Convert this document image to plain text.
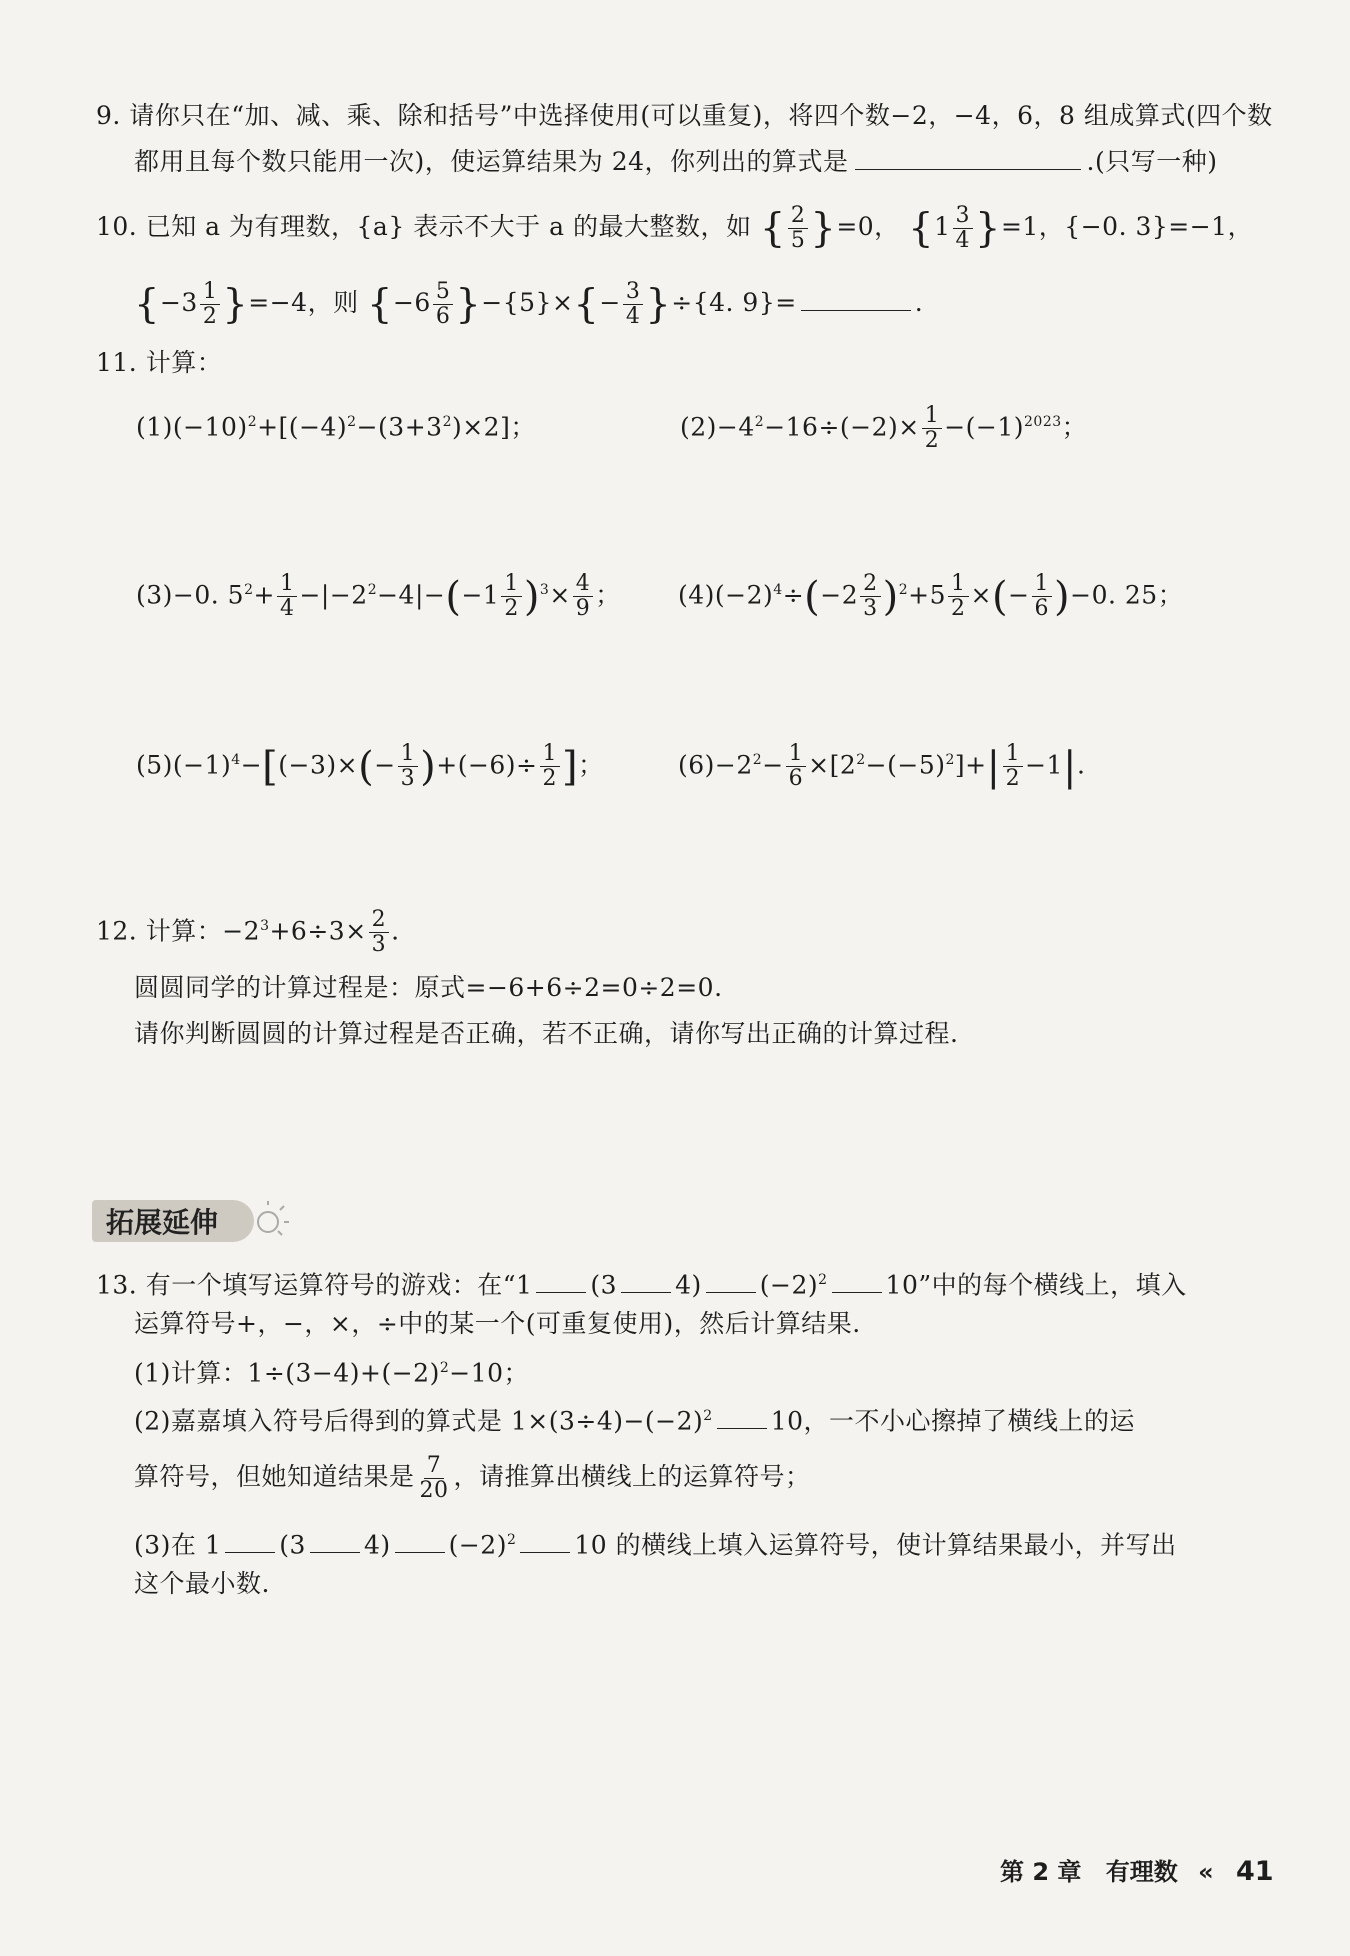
9. 请你只在“加、减、乘、除和括号”中选择使用(可以重复)，将四个数−2，−4，6，8 组成算式(四个数
都用且每个数只能用一次)，使运算结果为 24，你列出的算式是	.(只写一种)
10. 已知 a 为有理数，{a} 表示不大于 a 的最大整数，如 { $\frac{2}{5} \}=0$， $\{1 \frac{3}{4} \}=1$，{−0. 3}=−1，
$\{-3 \frac{1}{2} \}=-4$，则 $\{-6 \frac{5}{6} \}-\{5\}\times\{- \frac{3}{4} \}\div\{4$. 9}=	.
11. 计算：
$(1)(-10)^2+[(-4)^2-(3+3^2)\times 2]$；	$(2)-4^2-16\div(-2)\times \frac{1}{2} -(-1)^{2023}$；
(3)−0. $5^2+ \frac{1}{4} -|-2^2-4|-(-1 \frac{1}{2} )^3\times \frac{4}{9}$ ； $(4)(-2)^4\div(-2 \frac{2}{3} )^2+5 \frac{1}{2}$ ×(− $\frac{1}{6} )-0$. 25；
$(5)(-1)^4-[(-3)\times(- \frac{1}{3} )+(-6)\div \frac{1}{2}$ ]；	$(6)-2^2- \frac{1}{6} \times[2^2-(-5)^2]+| \frac{1}{2} -1|$.
12. 计算：$-2^3+6\div 3\times \frac{2}{3}$ .
圆圆同学的计算过程是：原式=−6+6÷2=0÷2=0.
请你判断圆圆的计算过程是否正确，若不正确，请你写出正确的计算过程.
拓展延伸
13. 有一个填写运算符号的游戏：在“1 (3 4) $(-2)^2$ 10”中的每个横线上，填入
运算符号+，−，×，÷中的某一个(可重复使用)，然后计算结果.
(1)计算：$1\div(3-4)+(-2)^2-10$；
(2)嘉嘉填入符号后得到的算式是 $1\times(3\div 4)-(-2)^2$ 10，一不小心擦掉了横线上的运
算符号，但她知道结果是 $\frac{7}{20}$ ，请推算出横线上的运算符号；
(3)在 1 (3 4) $(-2)^2$ 10 的横线上填入运算符号，使计算结果最小，并写出
这个最小数.
第 2 章 有理数 « 41
